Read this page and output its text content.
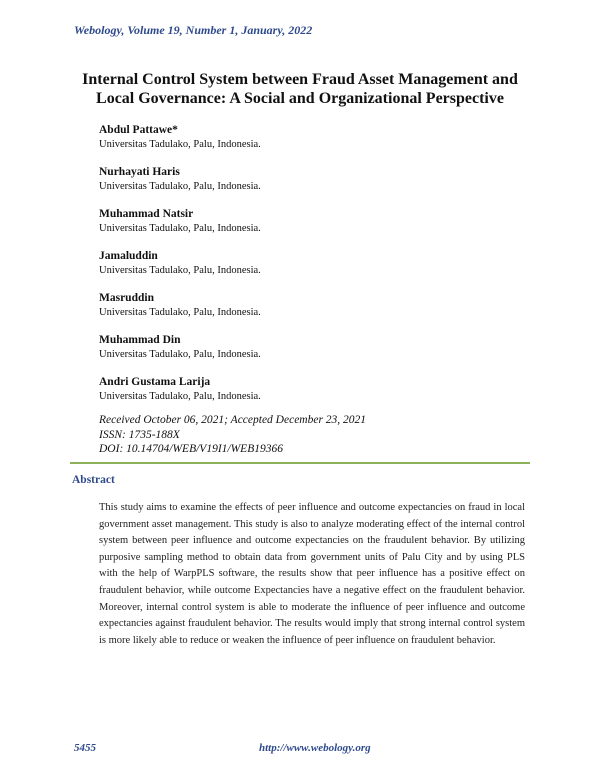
Webology, Volume 19, Number 1, January, 2022
Internal Control System between Fraud Asset Management and
Local Governance: A Social and Organizational Perspective
Abdul Pattawe*
Universitas Tadulako, Palu, Indonesia.
Nurhayati Haris
Universitas Tadulako, Palu, Indonesia.
Muhammad Natsir
Universitas Tadulako, Palu, Indonesia.
Jamaluddin
Universitas Tadulako, Palu, Indonesia.
Masruddin
Universitas Tadulako, Palu, Indonesia.
Muhammad Din
Universitas Tadulako, Palu, Indonesia.
Andri Gustama Larija
Universitas Tadulako, Palu, Indonesia.
Received October 06, 2021; Accepted December 23, 2021
ISSN: 1735-188X
DOI: 10.14704/WEB/V19I1/WEB19366
Abstract
This study aims to examine the effects of peer influence and outcome expectancies on fraud in local government asset management. This study is also to analyze moderating effect of the internal control system between peer influence and outcome expectancies on the fraudulent behavior. By utilizing purposive sampling method to obtain data from government units of Palu City and by using PLS with the help of WarpPLS software, the results show that peer influence has a positive effect on fraudulent behavior, while outcome Expectancies have a negative effect on the fraudulent behavior. Moreover, internal control system is able to moderate the influence of peer influence and outcome expectancies against fraudulent behavior. The results would imply that strong internal control system is more likely able to reduce or weaken the influence of peer influence on fraudulent behavior.
5455	http://www.webology.org
